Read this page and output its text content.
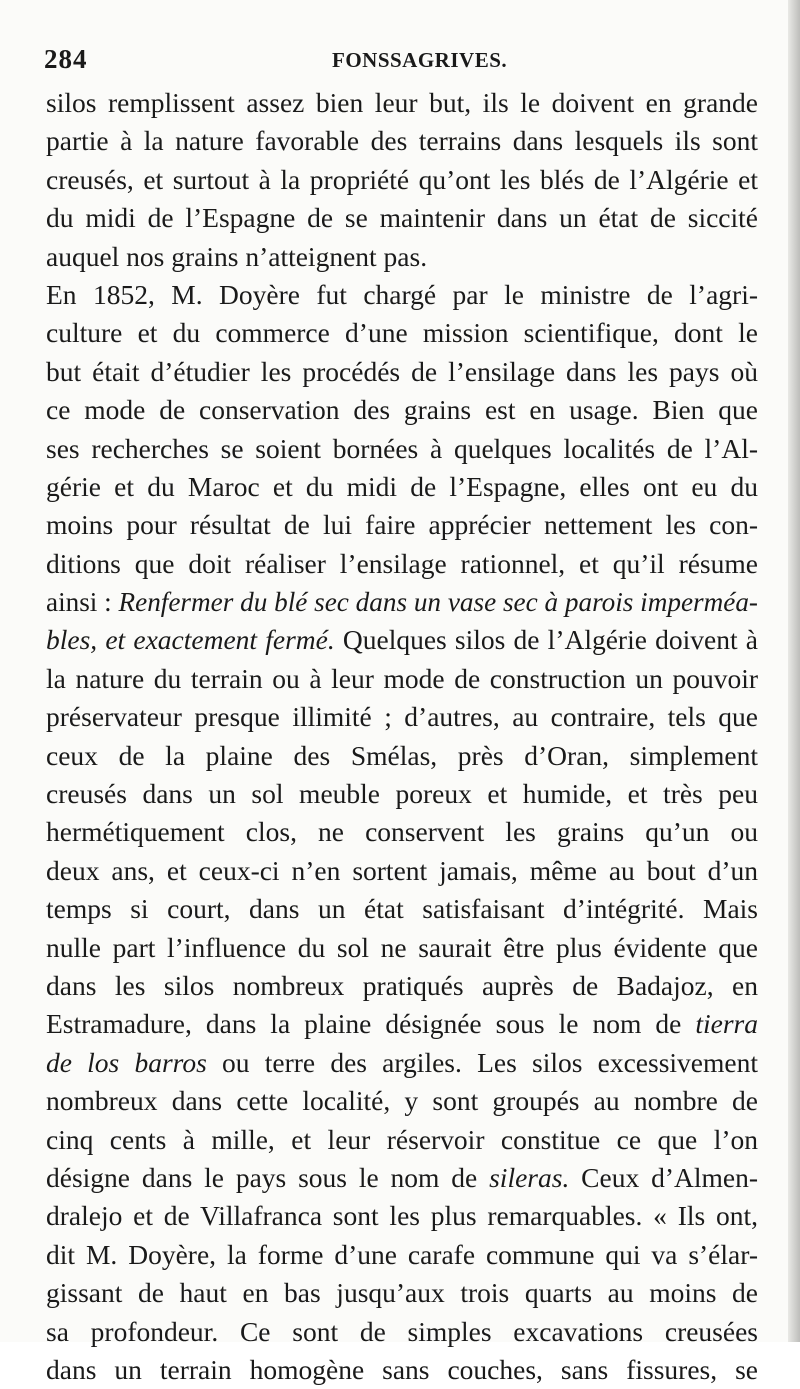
284	FONSSAGRIVES.
silos remplissent assez bien leur but, ils le doivent en grande
partie à la nature favorable des terrains dans lesquels ils sont
creusés, et surtout à la propriété qu’ont les blés de l’Algérie et
du midi de l’Espagne de se maintenir dans un état de siccité
auquel nos grains n’atteignent pas.
En 1852, M. Doyère fut chargé par le ministre de l’agri-
culture et du commerce d’une mission scientifique, dont le
but était d’étudier les procédés de l’ensilage dans les pays où
ce mode de conservation des grains est en usage. Bien que
ses recherches se soient bornées à quelques localités de l’Al-
gérie et du Maroc et du midi de l’Espagne, elles ont eu du
moins pour résultat de lui faire apprécier nettement les con-
ditions que doit réaliser l’ensilage rationnel, et qu’il résume
ainsi : Renfermer du blé sec dans un vase sec à parois imperméa-
bles, et exactement fermé. Quelques silos de l’Algérie doivent à
la nature du terrain ou à leur mode de construction un pouvoir
préservateur presque illimité ; d’autres, au contraire, tels que
ceux de la plaine des Smélas, près d’Oran, simplement
creusés dans un sol meuble poreux et humide, et très peu
hermétiquement clos, ne conservent les grains qu’un ou
deux ans, et ceux-ci n’en sortent jamais, même au bout d’un
temps si court, dans un état satisfaisant d’intégrité. Mais
nulle part l’influence du sol ne saurait être plus évidente que
dans les silos nombreux pratiqués auprès de Badajoz, en
Estramadure, dans la plaine désignée sous le nom de tierra
de los barros ou terre des argiles. Les silos excessivement
nombreux dans cette localité, y sont groupés au nombre de
cinq cents à mille, et leur réservoir constitue ce que l’on
désigne dans le pays sous le nom de sileras. Ceux d’Almen-
dralejo et de Villafranca sont les plus remarquables. « Ils ont,
dit M. Doyère, la forme d’une carafe commune qui va s’élar-
gissant de haut en bas jusqu’aux trois quarts au moins de
sa profondeur. Ce sont de simples excavations creusées
dans un terrain homogène sans couches, sans fissures, se
